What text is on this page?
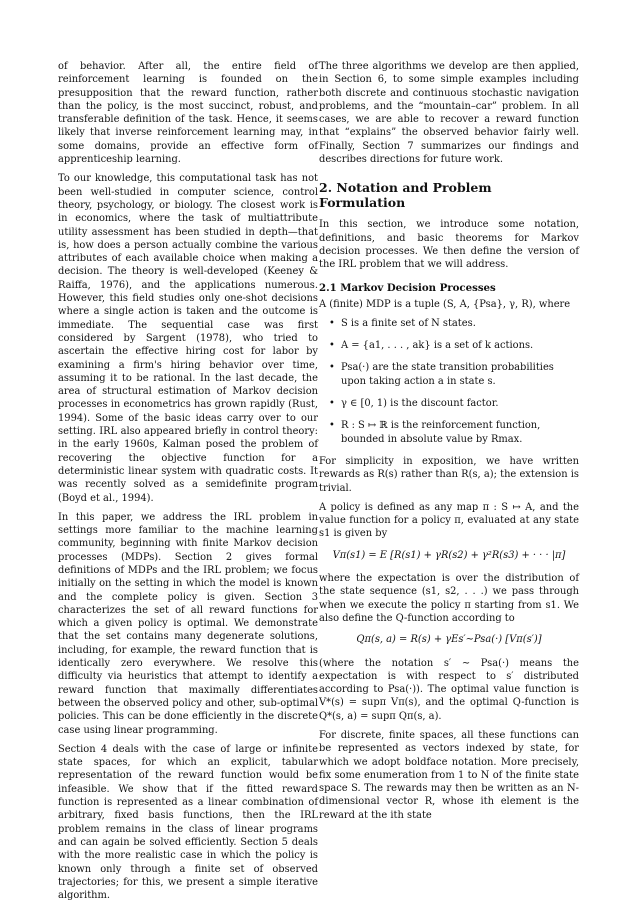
of behavior. After all, the entire field of reinforcement learning is founded on the presupposition that the reward function, rather than the policy, is the most succinct, robust, and transferable definition of the task. Hence, it seems likely that inverse reinforcement learning may, in some domains, provide an effective form of apprenticeship learning.

To our knowledge, this computational task has not been well-studied in computer science, control theory, psychology, or biology. The closest work is in economics, where the task of multiattribute utility assessment has been studied in depth—that is, how does a person actually combine the various attributes of each available choice when making a decision. The theory is well-developed (Keeney & Raiffa, 1976), and the applications numerous. However, this field studies only one-shot decisions where a single action is taken and the outcome is immediate. The sequential case was first considered by Sargent (1978), who tried to ascertain the effective hiring cost for labor by examining a firm's hiring behavior over time, assuming it to be rational. In the last decade, the area of structural estimation of Markov decision processes in econometrics has grown rapidly (Rust, 1994). Some of the basic ideas carry over to our setting. IRL also appeared briefly in control theory: in the early 1960s, Kalman posed the problem of recovering the objective function for a deterministic linear system with quadratic costs. It was recently solved as a semidefinite program (Boyd et al., 1994).

In this paper, we address the IRL problem in settings more familiar to the machine learning community, beginning with finite Markov decision processes (MDPs). Section 2 gives formal definitions of MDPs and the IRL problem; we focus initially on the setting in which the model is known and the complete policy is given. Section 3 characterizes the set of all reward functions for which a given policy is optimal. We demonstrate that the set contains many degenerate solutions, including, for example, the reward function that is identically zero everywhere. We resolve this difficulty via heuristics that attempt to identify a reward function that maximally differentiates between the observed policy and other, sub-optimal policies. This can be done efficiently in the discrete case using linear programming.

Section 4 deals with the case of large or infinite state spaces, for which an explicit, tabular representation of the reward function would be infeasible. We show that if the fitted reward function is represented as a linear combination of arbitrary, fixed basis functions, then the IRL problem remains in the class of linear programs and can again be solved efficiently. Section 5 deals with the more realistic case in which the policy is known only through a finite set of observed trajectories; for this, we present a simple iterative algorithm.

The three algorithms we develop are then applied, in Section 6, to some simple examples including both discrete and continuous stochastic navigation problems, and the “mountain–car” problem. In all cases, we are able to recover a reward function that “explains” the observed behavior fairly well. Finally, Section 7 summarizes our findings and describes directions for future work.

2. Notation and Problem Formulation

In this section, we introduce some notation, definitions, and basic theorems for Markov decision processes. We then define the version of the IRL problem that we will address.

2.1 Markov Decision Processes

A (finite) MDP is a tuple (S, A, {Psa}, γ, R), where

• S is a finite set of N states.
• A = {a1, . . . , ak} is a set of k actions.
• Psa(·) are the state transition probabilities upon taking action a in state s.
• γ ∈ [0, 1) is the discount factor.
• R : S ↦ ℝ is the reinforcement function, bounded in absolute value by Rmax.

For simplicity in exposition, we have written rewards as R(s) rather than R(s, a); the extension is trivial.

A policy is defined as any map π : S ↦ A, and the value function for a policy π, evaluated at any state s1 is given by

Vπ(s1) = E [R(s1) + γR(s2) + γ²R(s3) + · · · |π]

where the expectation is over the distribution of the state sequence (s1, s2, . . .) we pass through when we execute the policy π starting from s1. We also define the Q-function according to

Qπ(s, a) = R(s) + γEs′∼Psa(·) [Vπ(s′)]

(where the notation s′ ∼ Psa(·) means the expectation is with respect to s′ distributed according to Psa(·)). The optimal value function is V*(s) = supπ Vπ(s), and the optimal Q-function is Q*(s, a) = supπ Qπ(s, a).

For discrete, finite spaces, all these functions can be represented as vectors indexed by state, for which we adopt boldface notation. More precisely, fix some enumeration from 1 to N of the finite state space S. The rewards may then be written as an N-dimensional vector R, whose ith element is the reward at the ith state
